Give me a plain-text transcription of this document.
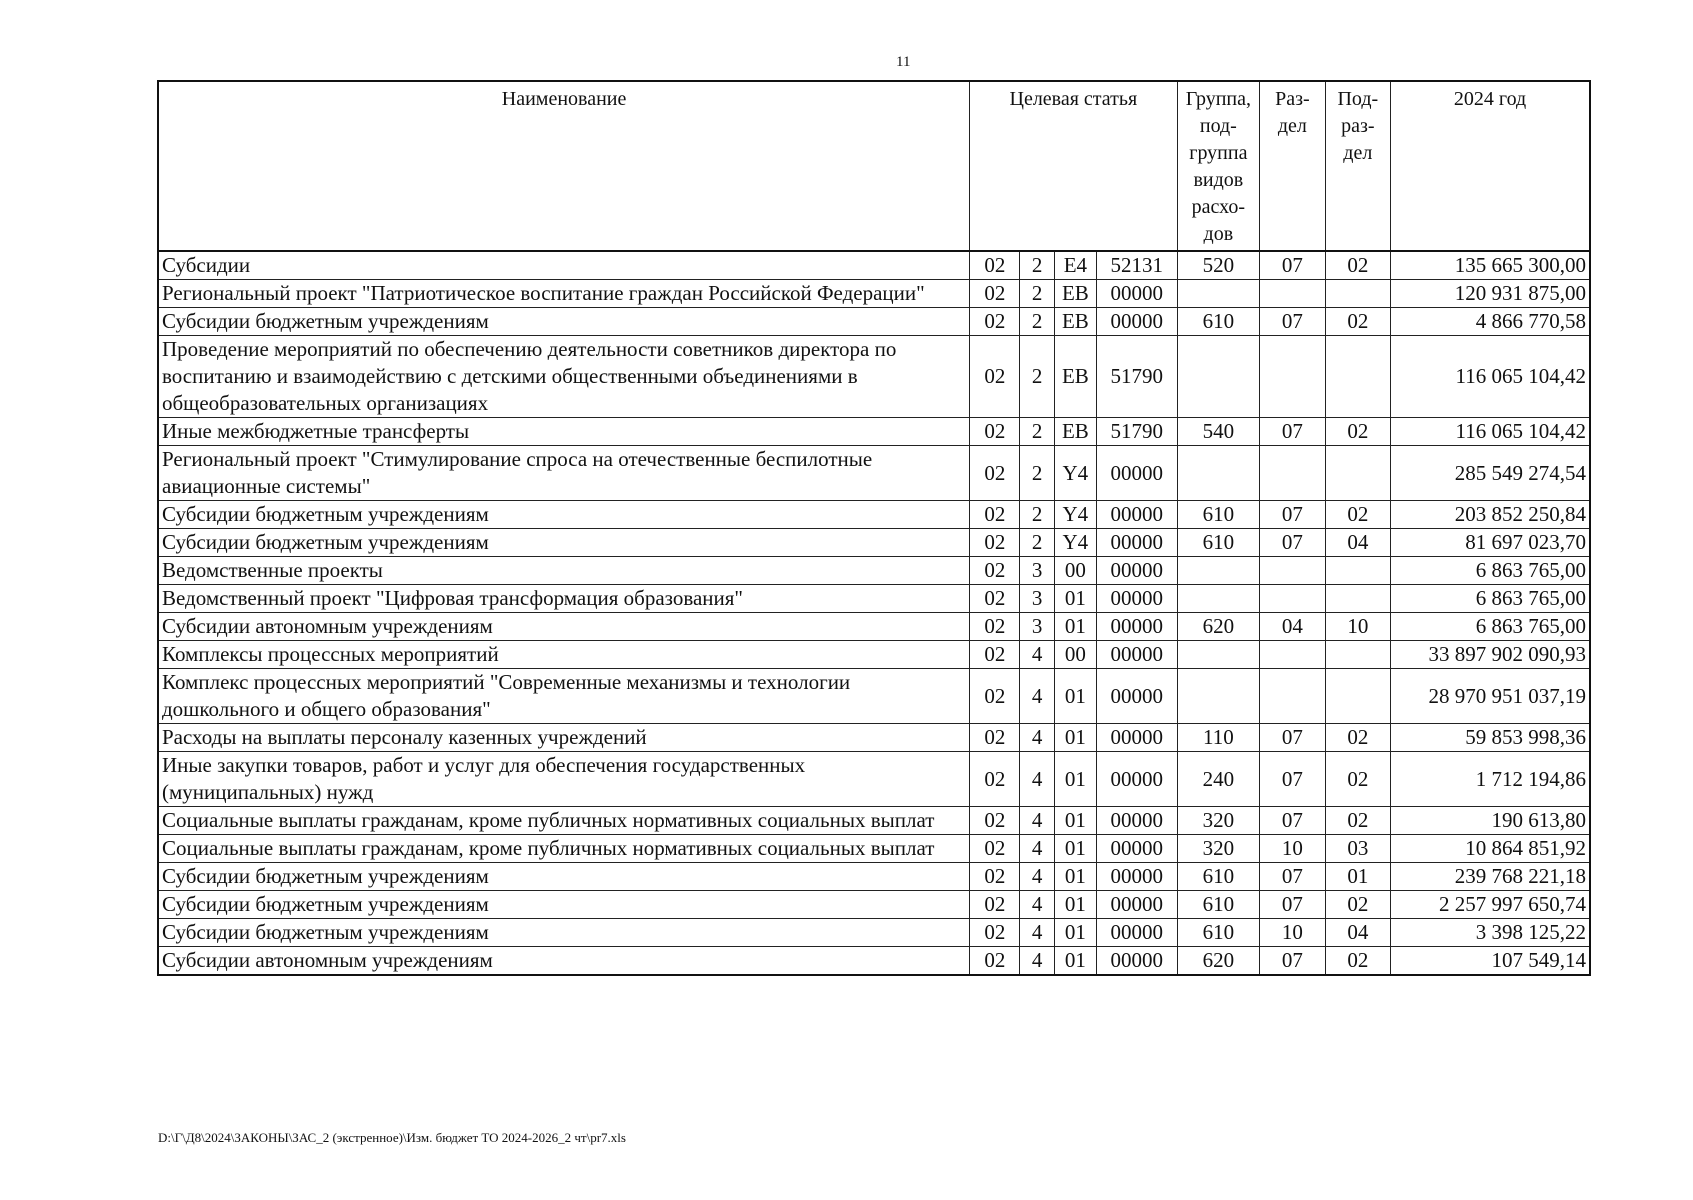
11
Наименование	Целевая статья				Группа, под-группа видов расхо-дов	Раз-дел	Под-раз-дел	2024 год
Субсидии	02	2	Е4	52131	520	07	02	135 665 300,00
Региональный проект "Патриотическое воспитание граждан Российской Федерации"	02	2	ЕВ	00000				120 931 875,00
Субсидии бюджетным учреждениям	02	2	ЕВ	00000	610	07	02	4 866 770,58
Проведение мероприятий по обеспечению деятельности советников директора по воспитанию и взаимодействию с детскими общественными объединениями в общеобразовательных организациях	02	2	ЕВ	51790				116 065 104,42
Иные межбюджетные трансферты	02	2	ЕВ	51790	540	07	02	116 065 104,42
Региональный проект "Стимулирование спроса на отечественные беспилотные авиационные системы"	02	2	Y4	00000				285 549 274,54
Субсидии бюджетным учреждениям	02	2	Y4	00000	610	07	02	203 852 250,84
Субсидии бюджетным учреждениям	02	2	Y4	00000	610	07	04	81 697 023,70
Ведомственные проекты	02	3	00	00000				6 863 765,00
Ведомственный проект "Цифровая трансформация образования"	02	3	01	00000				6 863 765,00
Субсидии автономным учреждениям	02	3	01	00000	620	04	10	6 863 765,00
Комплексы процессных мероприятий	02	4	00	00000				33 897 902 090,93
Комплекс процессных мероприятий "Современные механизмы и технологии дошкольного и общего образования"	02	4	01	00000				28 970 951 037,19
Расходы на выплаты персоналу казенных учреждений	02	4	01	00000	110	07	02	59 853 998,36
Иные закупки товаров, работ и услуг для обеспечения государственных (муниципальных) нужд	02	4	01	00000	240	07	02	1 712 194,86
Социальные выплаты гражданам, кроме публичных нормативных социальных выплат	02	4	01	00000	320	07	02	190 613,80
Социальные выплаты гражданам, кроме публичных нормативных социальных выплат	02	4	01	00000	320	10	03	10 864 851,92
Субсидии бюджетным учреждениям	02	4	01	00000	610	07	01	239 768 221,18
Субсидии бюджетным учреждениям	02	4	01	00000	610	07	02	2 257 997 650,74
Субсидии бюджетным учреждениям	02	4	01	00000	610	10	04	3 398 125,22
Субсидии автономным учреждениям	02	4	01	00000	620	07	02	107 549,14
D:\Г\Д8\2024\ЗАКОНЫ\ЗАС_2 (экстренное)\Изм. бюджет ТО 2024-2026_2 чт\pr7.xls
